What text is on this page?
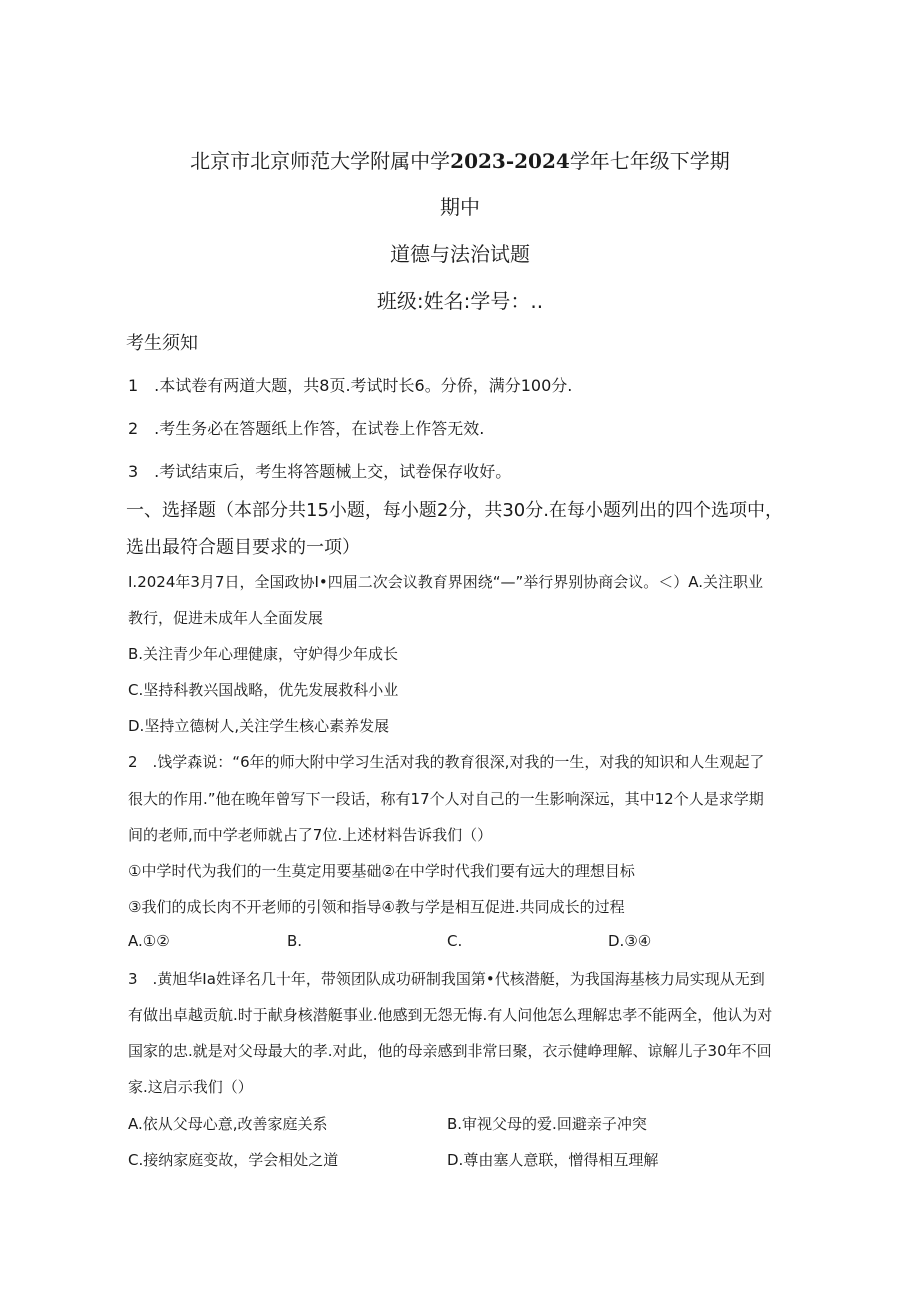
北京市北京师范大学附属中学2023-2024学年七年级下学期
期中
道德与法治试题
班级:姓名:学号：..
考生须知
1　.本试卷有两道大题，共8页.考试时长6。分侨，满分100分.
2　.考生务必在答题纸上作答，在试卷上作答无效.
3　.考试结束后，考生将答题械上交，试卷保存收好。
一、选择题（本部分共15小题，每小题2分，共30分.在每小题列出的四个选项中，
选出最符合题目要求的一项）
I.2024年3月7日，全国政协I•四届二次会议教育界困绕“—”举行界别协商会议。＜）A.关注职业
教行，促进未成年人全面发展
B.关注青少年心理健康，守妒得少年成长
C.坚持科教兴国战略，优先发展救科小业
D.坚持立德树人,关注学生核心素养发展
2　.饯学森说：“6年的师大附中学习生活对我的教育很深,对我的一生，对我的知识和人生观起了
很大的作用.”他在晚年曾写下一段话，称有17个人对自己的一生影响深远，其中12个人是求学期
间的老师,而中学老师就占了7位.上述材料告诉我们（）
①中学时代为我们的一生莫定用要基础②在中学时代我们要有远大的理想目标
③我们的成长肉不开老师的引领和指导④教与学是相互促进.共同成长的过程
A.①②	B.	C.	D.③④
3　.黄旭华Ia姓译名几十年，带领团队成功研制我国第•代核潜艇，为我国海基核力局实现从无到
有做出卓越贡航.时于献身核潜艇事业.他感到无怨无悔.有人问他怎么理解忠孝不能两全，他认为对
国家的忠.就是对父母最大的孝.对此，他的母亲感到非常曰聚，衣示健峥理解、谅解儿子30年不回
家.这启示我们（）
A.依从父母心意,改善家庭关系	B.审视父母的爱.回避亲子冲突
C.接纳家庭变故，学会相处之道	D.尊由塞人意联，憎得相互理解
